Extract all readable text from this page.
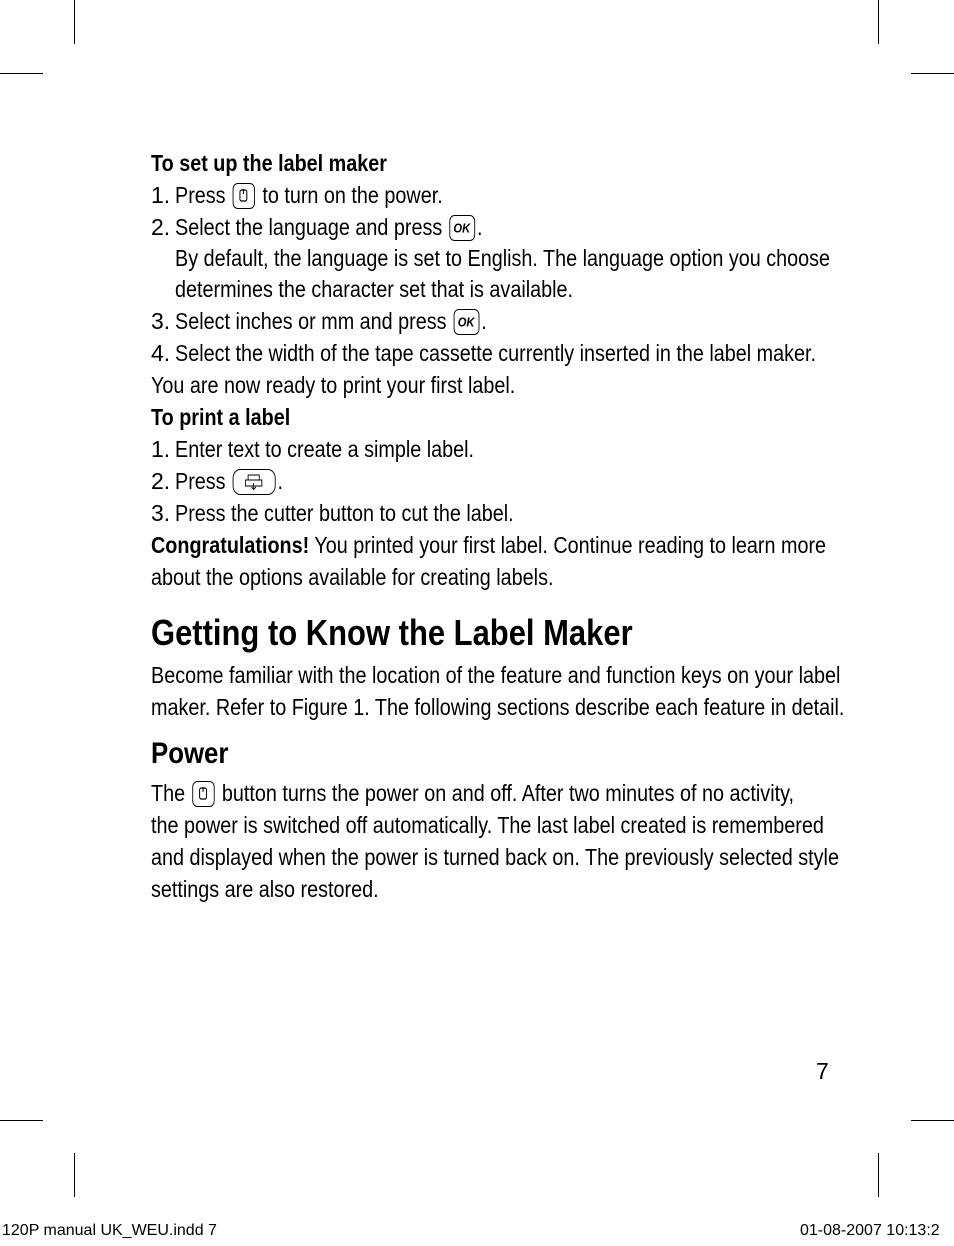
To set up the label maker
1. Press to turn on the power.
2. Select the language and press OK .
By default, the language is set to English. The language option you choose
determines the character set that is available.
3. Select inches or mm and press OK .
4. Select the width of the tape cassette currently inserted in the label maker.
You are now ready to print your first label.
To print a label
1. Enter text to create a simple label.
2. Press .
3. Press the cutter button to cut the label.
Congratulations! You printed your first label. Continue reading to learn more
about the options available for creating labels.
Getting to Know the Label Maker
Become familiar with the location of the feature and function keys on your label
maker. Refer to Figure 1. The following sections describe each feature in detail.
Power
The button turns the power on and off. After two minutes of no activity,
the power is switched off automatically. The last label created is remembered
and displayed when the power is turned back on. The previously selected style
settings are also restored.
7
120P manual UK_WEU.indd 7	01-08-2007 10:13:2
